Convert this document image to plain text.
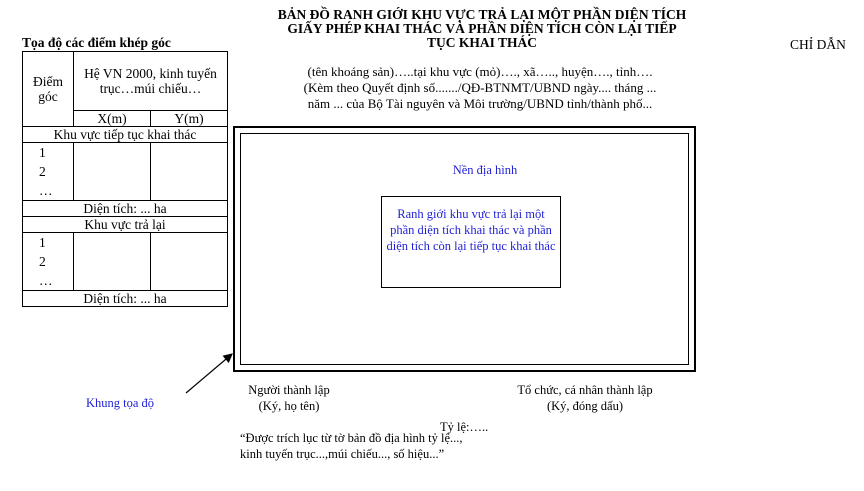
BẢN ĐỒ RANH GIỚI KHU VỰC TRẢ LẠI MỘT PHẦN DIỆN TÍCH
GIẤY PHÉP KHAI THÁC VÀ PHẦN DIỆN TÍCH CÒN LẠI TIẾP
TỤC KHAI THÁC
(tên khoáng sản)…..tại khu vực (mỏ)…., xã….., huyện…., tỉnh….
(Kèm theo Quyết định số......./QĐ-BTNMT/UBND ngày.... tháng ...
năm ... của Bộ Tài nguyên và Môi trường/UBND tỉnh/thành phố...
CHỈ DẪN
Tọa độ các điểm khép góc
Điểm góc	Hệ VN 2000, kinh tuyến trục…múi chiếu…	
	X(m)	Y(m)
Khu vực tiếp tục khai thác		

1
2
…		

Diện tích: ... ha		
Khu vực trả lại		

1
2
…		

Diện tích: ... ha		
Nền địa hình
Ranh giới khu vực trả lại một phần diện tích khai thác và phần diện tích còn lại tiếp tục khai thác
Khung tọa độ
Người thành lập
(Ký, họ tên)
Tổ chức, cá nhân thành lập
(Ký, đóng dấu)
Tỷ lệ:…..
“Được trích lục từ tờ bản đồ địa hình tỷ lệ...,
kinh tuyến trục...,múi chiếu..., số hiệu...”
